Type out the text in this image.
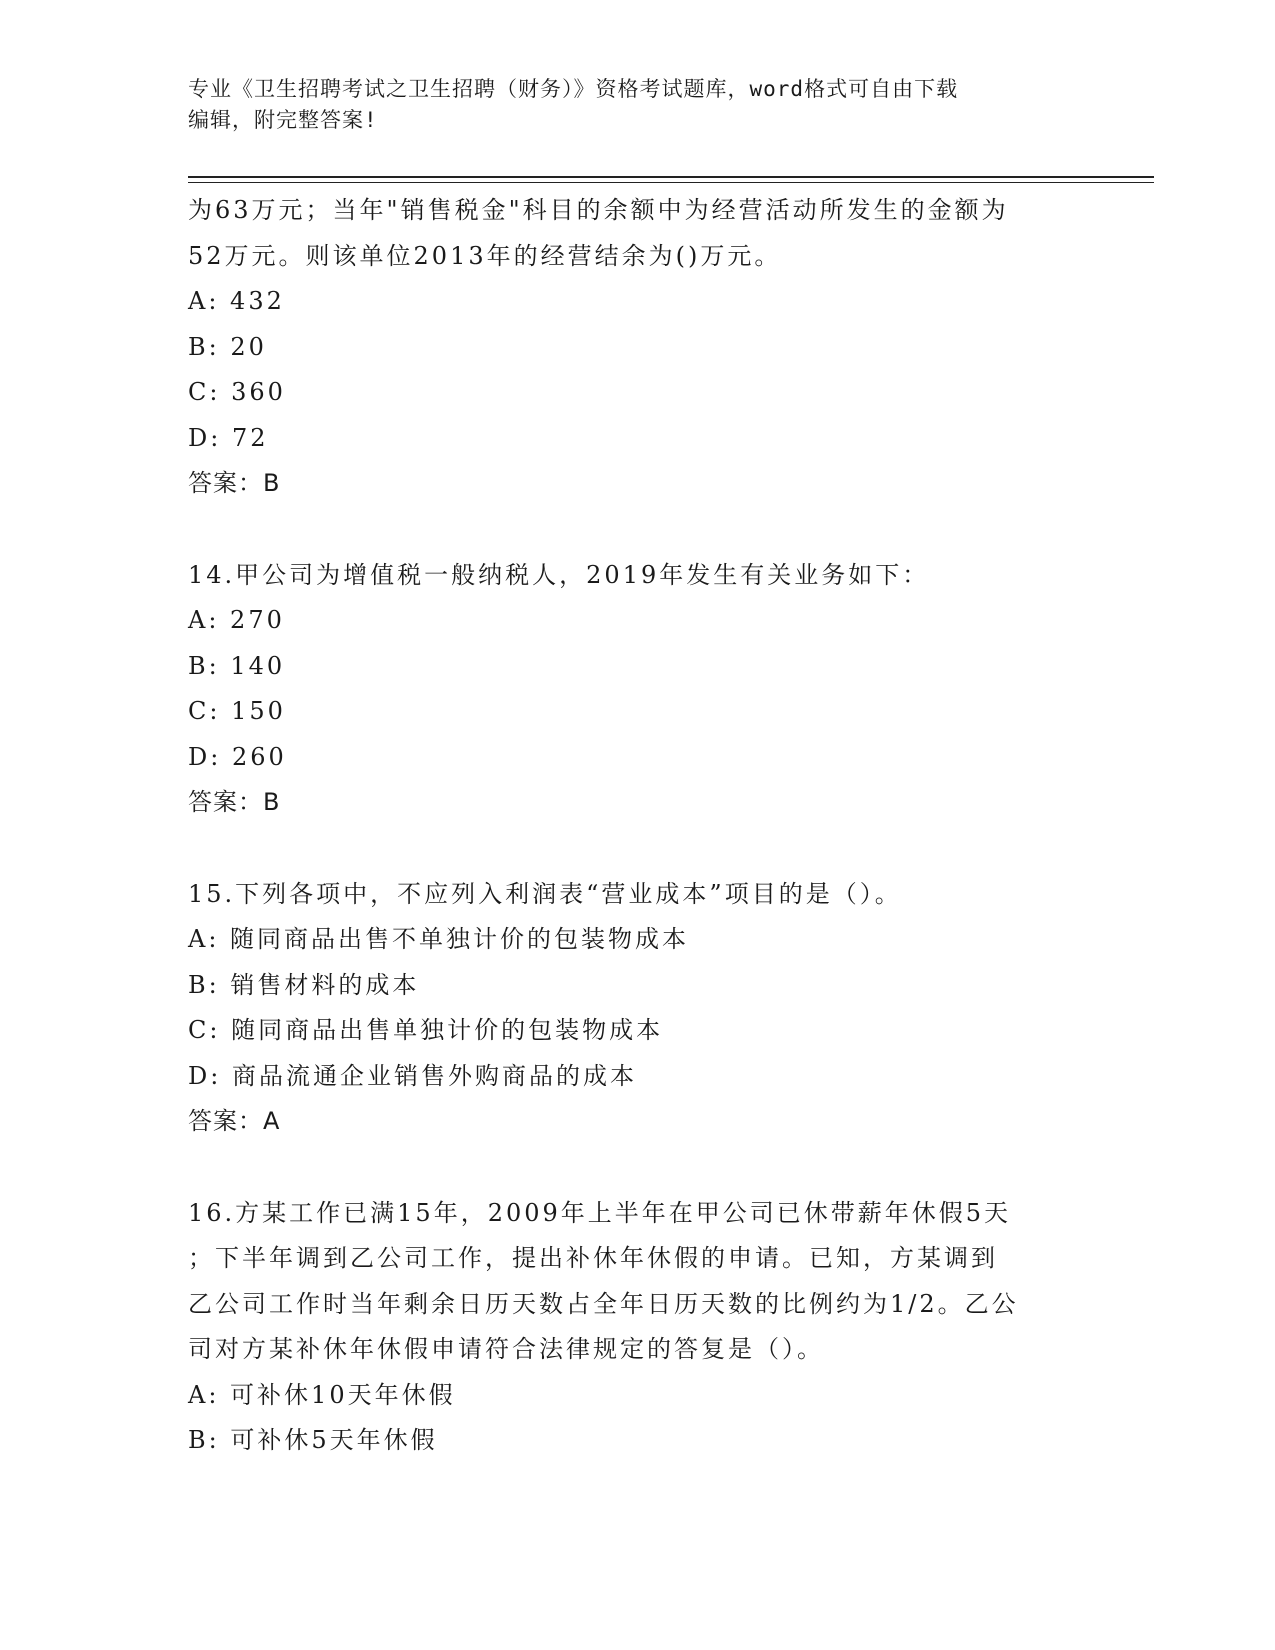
专业《卫生招聘考试之卫生招聘（财务）》资格考试题库，word格式可自由下载
编辑，附完整答案!
为63万元；当年"销售税金"科目的余额中为经营活动所发生的金额为
52万元。则该单位2013年的经营结余为()万元。
A: 432
B: 20
C: 360
D: 72
答案：B
14.甲公司为增值税一般纳税人，2019年发生有关业务如下：
A: 270
B: 140
C: 150
D: 260
答案：B
15.下列各项中，不应列入利润表“营业成本”项目的是（）。
A: 随同商品出售不单独计价的包装物成本
B: 销售材料的成本
C: 随同商品出售单独计价的包装物成本
D: 商品流通企业销售外购商品的成本
答案：A
16.方某工作已满15年，2009年上半年在甲公司已休带薪年休假5天
；下半年调到乙公司工作，提出补休年休假的申请。已知，方某调到
乙公司工作时当年剩余日历天数占全年日历天数的比例约为1/2。乙公
司对方某补休年休假申请符合法律规定的答复是（）。
A: 可补休10天年休假
B: 可补休5天年休假
